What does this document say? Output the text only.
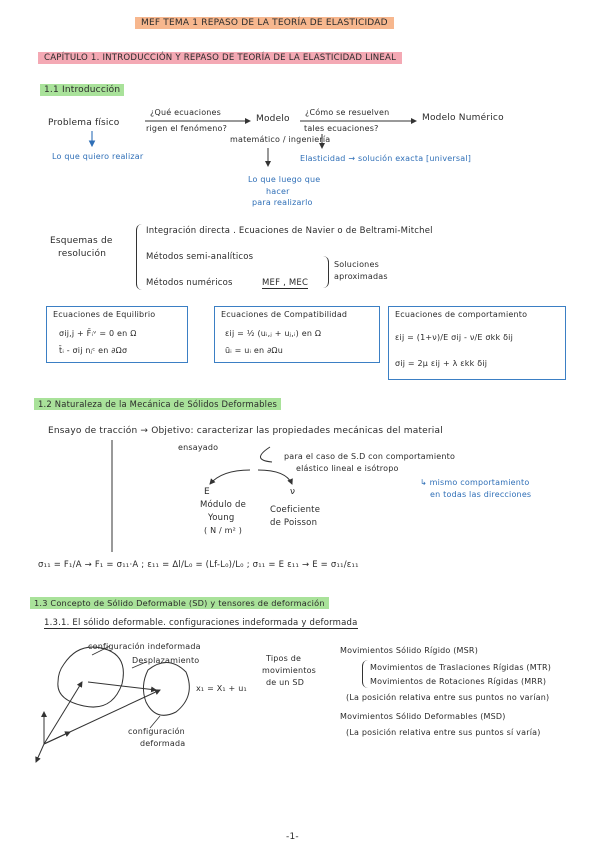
MEF TEMA 1 REPASO DE LA TEORÍA DE ELASTICIDAD
CAPÍTULO 1. INTRODUCCIÓN Y REPASO DE TEORÍA DE LA ELASTICIDAD LINEAL
1.1 Introducción
Problema físico
¿Qué ecuaciones
rigen el fenómeno?
Modelo
¿Cómo se resuelven
tales ecuaciones?
Modelo Numérico
matemático / ingeniería
Lo que quiero realizar	Elasticidad → solución exacta [universal]
Lo que luego que
hacer
para realizarlo
Esquemas de
resolución
Integración directa . Ecuaciones de Navier o de Beltrami-Mitchel
Métodos semi-analíticos
Métodos numéricos	MEF , MEC
Soluciones
aproximadas
Ecuaciones de Equilibrio
σij,j + F̄ᵢᵛ = 0 en Ω
t̄ᵢ - σij nⱼᶜ en ∂Ωσ
Ecuaciones de Compatibilidad
εij = ½ (uᵢ,ⱼ + uⱼ,ᵢ) en Ω
ūᵢ = uᵢ en ∂Ωu
Ecuaciones de comportamiento
εij = (1+ν)/E σij - ν/E σkk δij
σij = 2μ εij + λ εkk δij
1.2 Naturaleza de la Mecánica de Sólidos Deformables
Ensayo de tracción → Objetivo: caracterizar las propiedades mecánicas del material
ensayado
para el caso de S.D con comportamiento
elástico lineal e isótropo
↳ mismo comportamiento
en todas las direcciones
E	ν
Módulo de
Young
( N / m² )
Coeficiente
de Poisson
σ₁₁ = F₁/A → F₁ = σ₁₁·A ; ε₁₁ = Δl/L₀ = (Lf-L₀)/L₀ ; σ₁₁ = E ε₁₁ → E = σ₁₁/ε₁₁
1.3 Concepto de Sólido Deformable (SD) y tensores de deformación
1.3.1. El sólido deformable. configuraciones indeformada y deformada
configuración indeformada
Desplazamiento
configuración
deformada
x₁ = X₁ + u₁
Tipos de
movimientos
de un SD
Movimientos Sólido Rígido (MSR)
Movimientos de Traslaciones Rígidas (MTR)
Movimientos de Rotaciones Rígidas (MRR)
(La posición relativa entre sus puntos no varían)
Movimientos Sólido Deformables (MSD)
(La posición relativa entre sus puntos sí varía)
-1-
